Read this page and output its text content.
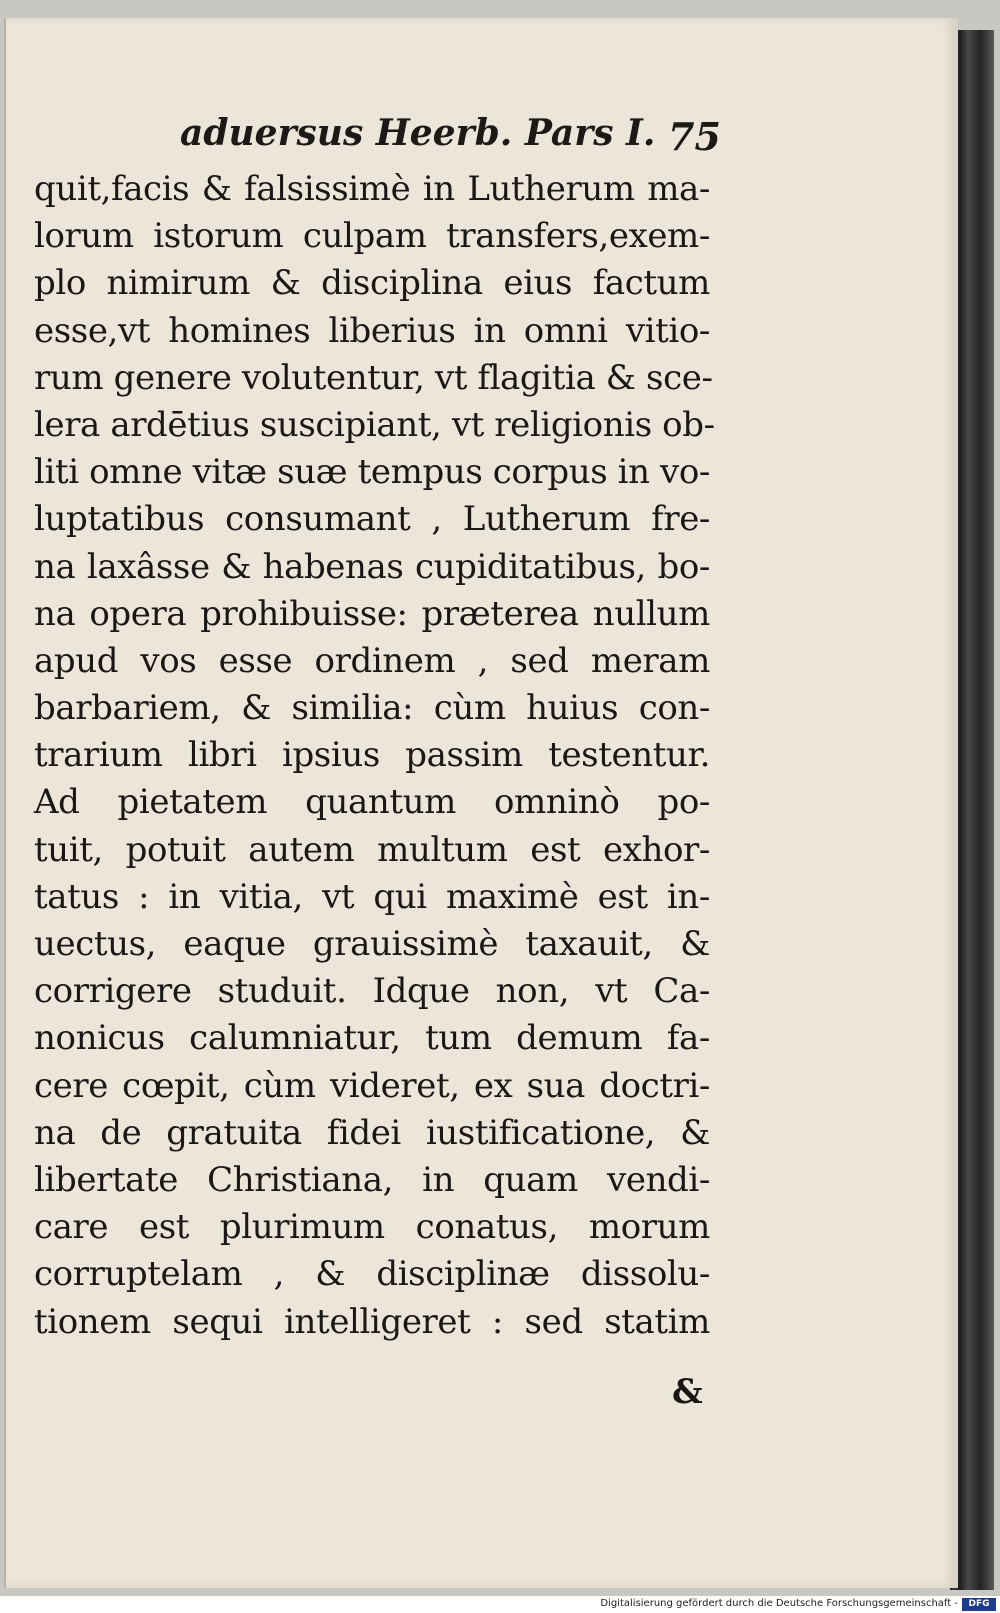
aduersus Heerb. Pars I. 75
quit,facis & falsissimè in Lutherum ma-
lorum istorum culpam transfers,exem-
plo nimirum & disciplina eius factum
esse,vt homines liberius in omni vitio-
rum genere volutentur, vt flagitia & sce-
lera ardētius suscipiant, vt religionis ob-
liti omne vitæ suæ tempus corpus in vo-
luptatibus consumant , Lutherum fre-
na laxâsse & habenas cupiditatibus, bo-
na opera prohibuisse: præterea nullum
apud vos esse ordinem , sed meram
barbariem, & similia: cùm huius con-
trarium libri ipsius passim testentur.
Ad pietatem quantum omninò po-
tuit, potuit autem multum est exhor-
tatus : in vitia, vt qui maximè est in-
uectus, eaque grauissimè taxauit, &
corrigere studuit. Idque non, vt Ca-
nonicus calumniatur, tum demum fa-
cere cœpit, cùm videret, ex sua doctri-
na de gratuita fidei iustificatione, &
libertate Christiana, in quam vendi-
care est plurimum conatus, morum
corruptelam , & disciplinæ dissolu-
tionem sequi intelligeret : sed statim
&
Digitalisierung gefördert durch die Deutsche Forschungsgemeinschaft -	DFG
